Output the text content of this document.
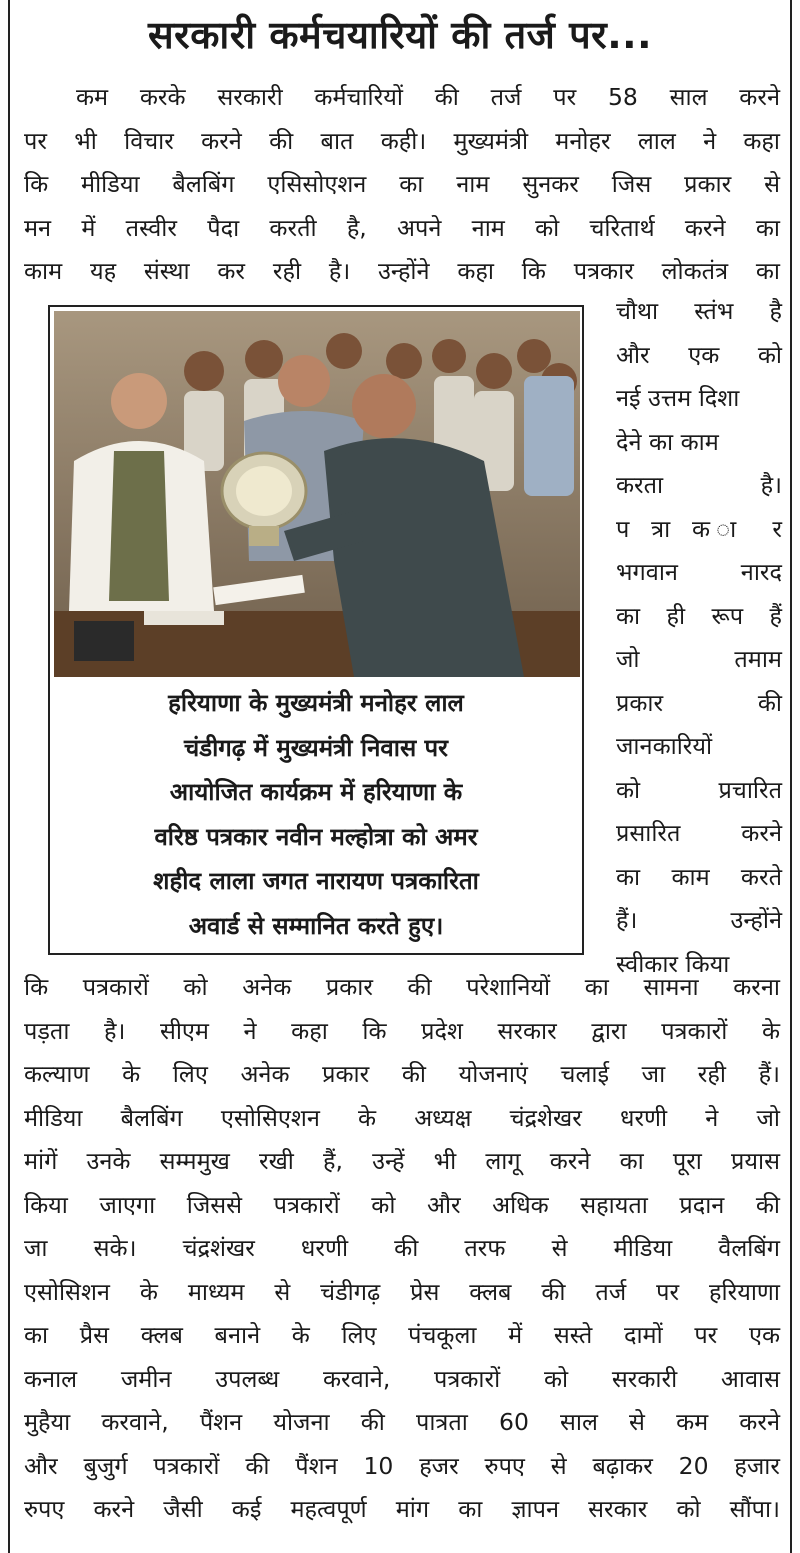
सरकारी कर्मचयारियों की तर्ज पर...
कम करके सरकारी कर्मचारियों की तर्ज पर 58 साल करने
पर भी विचार करने की बात कही। मुख्यमंत्री मनोहर लाल ने कहा
कि मीडिया बैलबिंग एसिसोएशन का नाम सुनकर जिस प्रकार से
मन में तस्वीर पैदा करती है, अपने नाम को चरितार्थ करने का
काम यह संस्था कर रही है। उन्होंने कहा कि पत्रकार लोकतंत्र का
हरियाणा के मुख्यमंत्री मनोहर लाल
चंडीगढ़ में मुख्यमंत्री निवास पर
आयोजित कार्यक्रम में हरियाणा के
वरिष्ठ पत्रकार नवीन मल्होत्रा को अमर
शहीद लाला जगत नारायण पत्रकारिता
अवार्ड से सम्मानित करते हुए।
चौथा स्तंभ है
और एक को
नई उत्तम दिशा
देने का काम
करता है।
प त्रा क ा र
भगवान नारद
का ही रूप हैं
जो तमाम
प्रकार की
जानकारियों
को प्रचारित
प्रसारित करने
का काम करते
हैं। उन्होंने
स्वीकार किया
कि पत्रकारों को अनेक प्रकार की परेशानियों का सामना करना
पड़ता है। सीएम ने कहा कि प्रदेश सरकार द्वारा पत्रकारों के
कल्याण के लिए अनेक प्रकार की योजनाएं चलाई जा रही हैं।
मीडिया बैलबिंग एसोसिएशन के अध्यक्ष चंद्रशेखर धरणी ने जो
मांगें उनके सम्ममुख रखी हैं, उन्हें भी लागू करने का पूरा प्रयास
किया जाएगा जिससे पत्रकारों को और अधिक सहायता प्रदान की
जा सके। चंद्रशंखर धरणी की तरफ से मीडिया वैलबिंग
एसोसिशन के माध्यम से चंडीगढ़ प्रेस क्लब की तर्ज पर हरियाणा
का प्रैस क्लब बनाने के लिए पंचकूला में सस्ते दामों पर एक
कनाल जमीन उपलब्ध करवाने, पत्रकारों को सरकारी आवास
मुहैया करवाने, पैंशन योजना की पात्रता 60 साल से कम करने
और बुजुर्ग पत्रकारों की पैंशन 10 हजर रुपए से बढ़ाकर 20 हजार
रुपए करने जैसी कई महत्वपूर्ण मांग का ज्ञापन सरकार को सौंपा।
